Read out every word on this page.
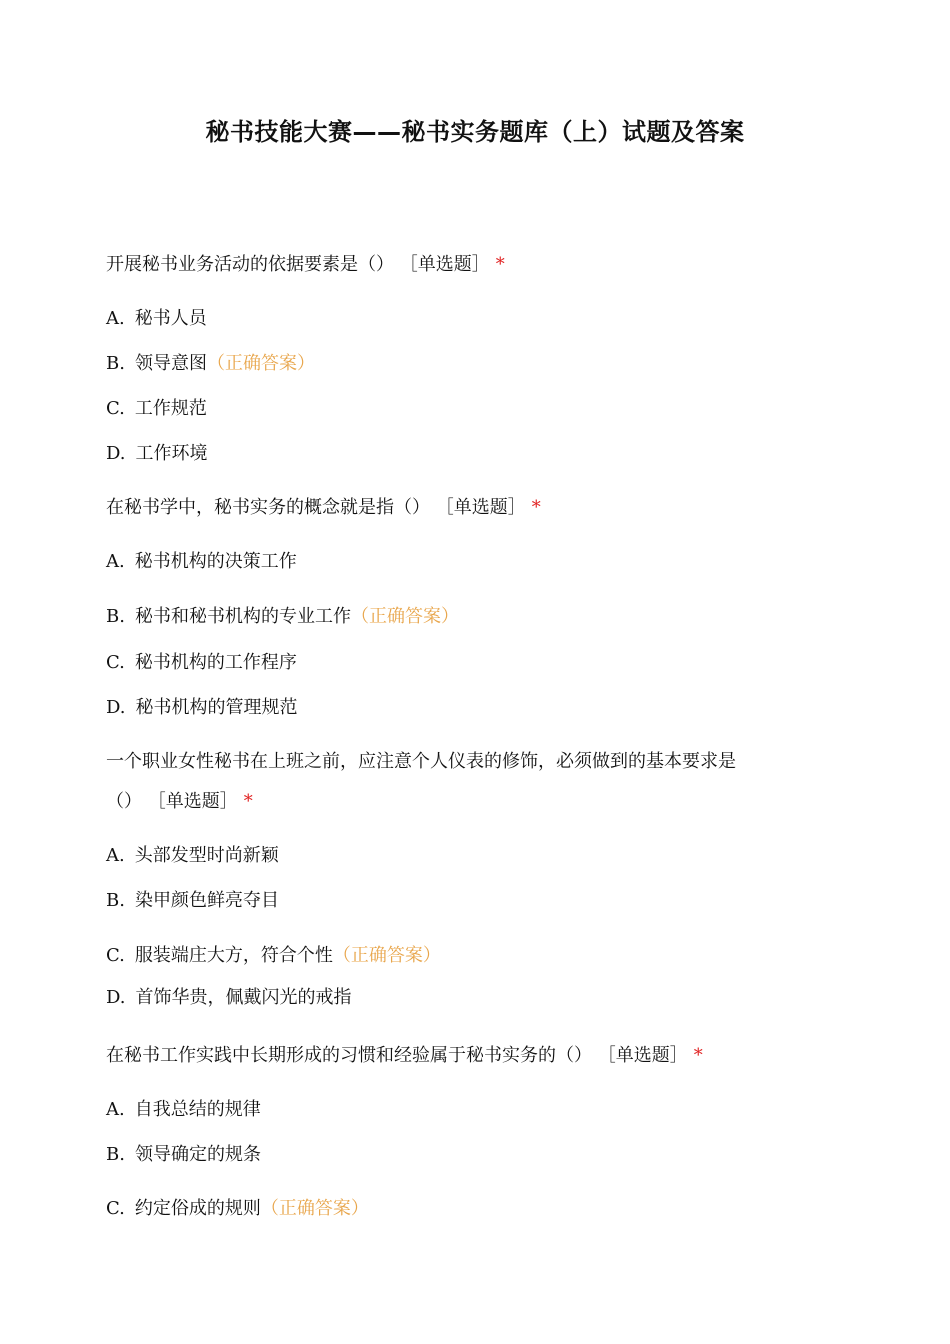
秘书技能大赛——秘书实务题库（上）试题及答案
开展秘书业务活动的依据要素是（） ［单选题］ *
A. 秘书人员
B. 领导意图（正确答案）
C. 工作规范
D. 工作环境
在秘书学中，秘书实务的概念就是指（） ［单选题］ *
A. 秘书机构的决策工作
B. 秘书和秘书机构的专业工作（正确答案）
C. 秘书机构的工作程序
D. 秘书机构的管理规范
一个职业女性秘书在上班之前，应注意个人仪表的修饰，必须做到的基本要求是
（） ［单选题］ *
A. 头部发型时尚新颖
B. 染甲颜色鲜亮夺目
C. 服装端庄大方，符合个性（正确答案）
D. 首饰华贵，佩戴闪光的戒指
在秘书工作实践中长期形成的习惯和经验属于秘书实务的（） ［单选题］ *
A. 自我总结的规律
B. 领导确定的规条
C. 约定俗成的规则（正确答案）
